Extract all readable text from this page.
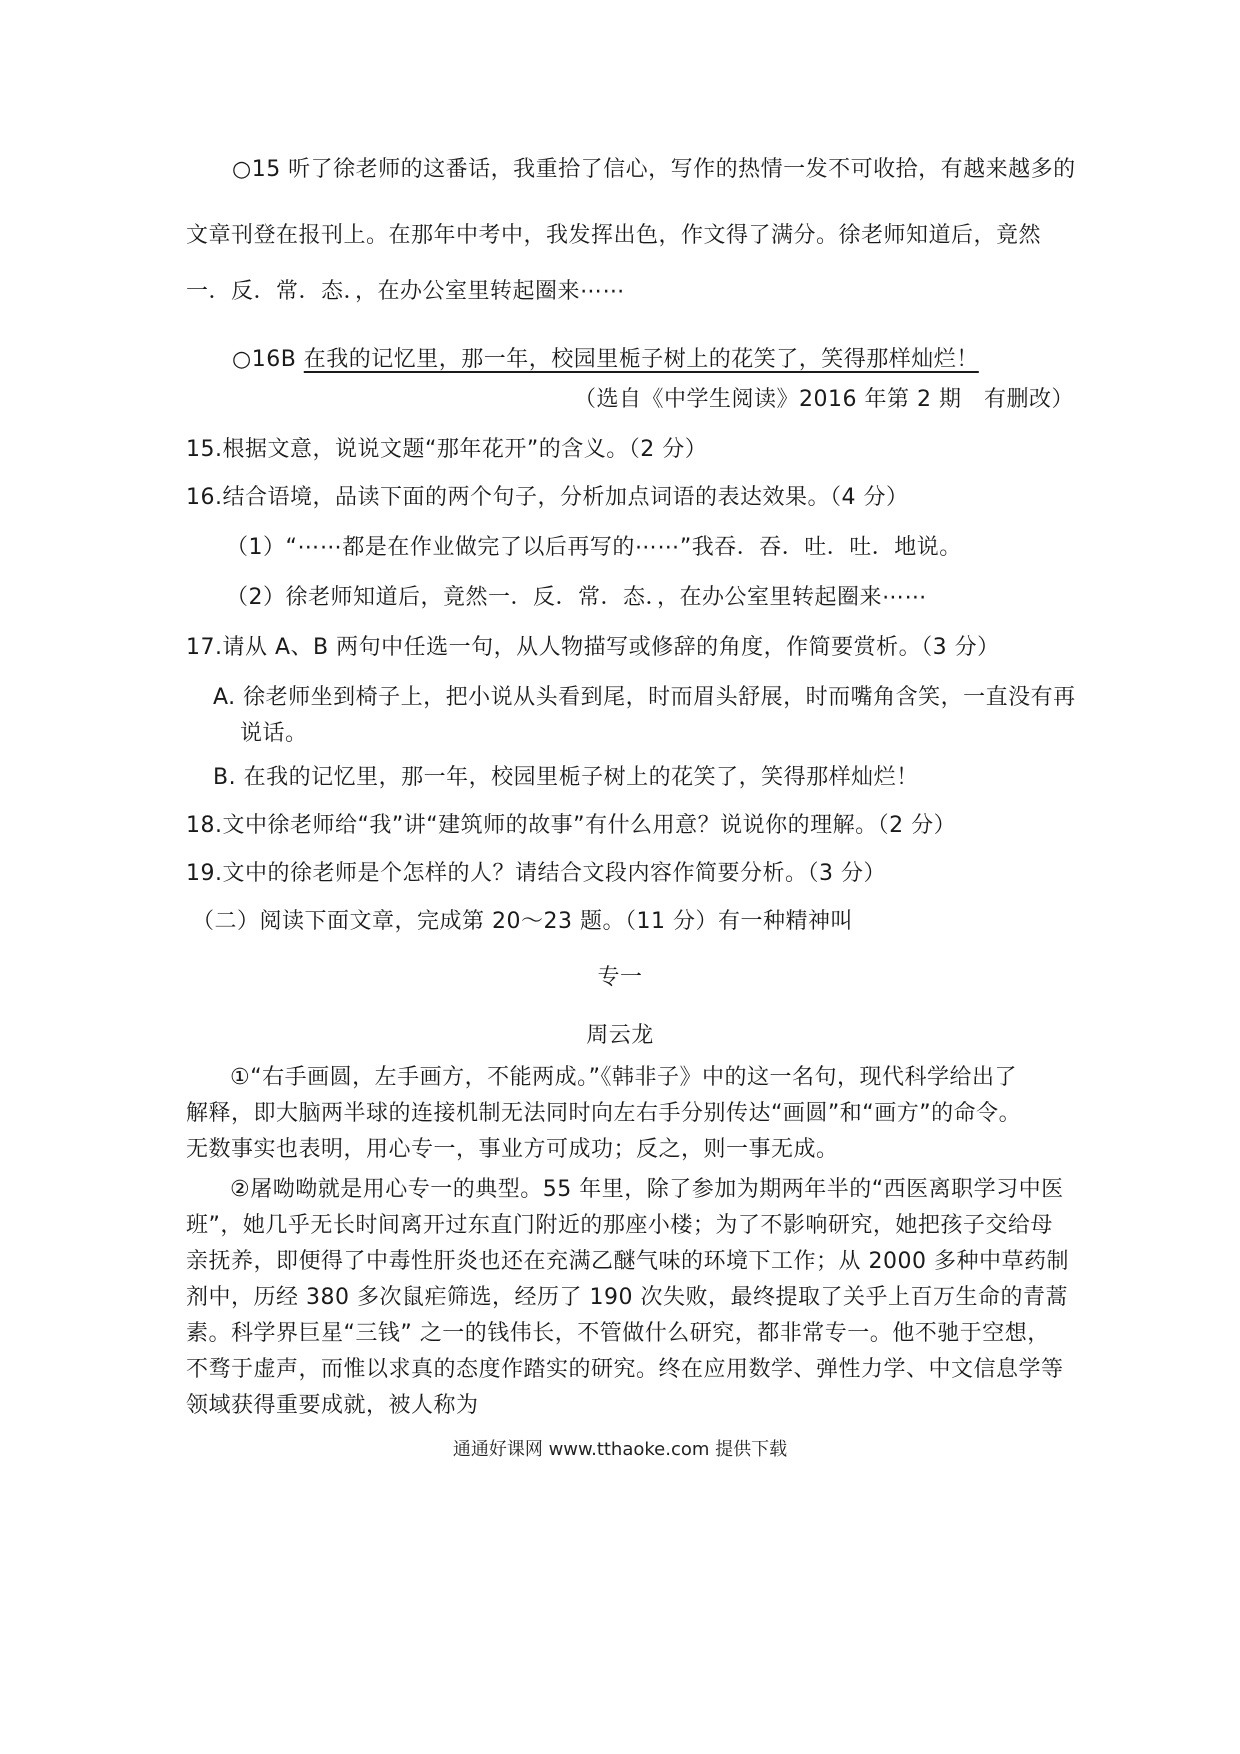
○15 听了徐老师的这番话，我重拾了信心，写作的热情一发不可收拾，有越来越多的
文章刊登在报刊上。在那年中考中，我发挥出色，作文得了满分。徐老师知道后，竟然
一．反．常．态．，在办公室里转起圈来⋯⋯
○16B 在我的记忆里，那一年，校园里栀子树上的花笑了，笑得那样灿烂！
（选自《中学生阅读》2016 年第 2 期　有删改）
15.根据文意，说说文题“那年花开”的含义。（2 分）
16.结合语境，品读下面的两个句子，分析加点词语的表达效果。（4 分）
（1）“⋯⋯都是在作业做完了以后再写的⋯⋯”我吞．吞．吐．吐．地说。
（2）徐老师知道后，竟然一．反．常．态．，在办公室里转起圈来⋯⋯
17.请从 A、B 两句中任选一句，从人物描写或修辞的角度，作简要赏析。（3 分）
A. 徐老师坐到椅子上，把小说从头看到尾，时而眉头舒展，时而嘴角含笑，一直没有再
说话。
B. 在我的记忆里，那一年，校园里栀子树上的花笑了，笑得那样灿烂！
18.文中徐老师给“我”讲“建筑师的故事”有什么用意？说说你的理解。（2 分）
19.文中的徐老师是个怎样的人？请结合文段内容作简要分析。（3 分）
（二）阅读下面文章，完成第 20～23 题。（11 分）有一种精神叫
专一
周云龙
①“右手画圆，左手画方，不能两成。”《韩非子》中的这一名句，现代科学给出了
解释，即大脑两半球的连接机制无法同时向左右手分别传达“画圆”和“画方”的命令。
无数事实也表明，用心专一，事业方可成功；反之，则一事无成。
②屠呦呦就是用心专一的典型。55 年里，除了参加为期两年半的“西医离职学习中医
班”，她几乎无长时间离开过东直门附近的那座小楼；为了不影响研究，她把孩子交给母
亲抚养，即便得了中毒性肝炎也还在充满乙醚气味的环境下工作；从 2000 多种中草药制
剂中，历经 380 多次鼠疟筛选，经历了 190 次失败，最终提取了关乎上百万生命的青蒿
素。科学界巨星“三钱” 之一的钱伟长，不管做什么研究，都非常专一。他不驰于空想，
不骛于虚声，而惟以求真的态度作踏实的研究。终在应用数学、弹性力学、中文信息学等
领域获得重要成就，被人称为
通通好课网 www.tthaoke.com 提供下载
